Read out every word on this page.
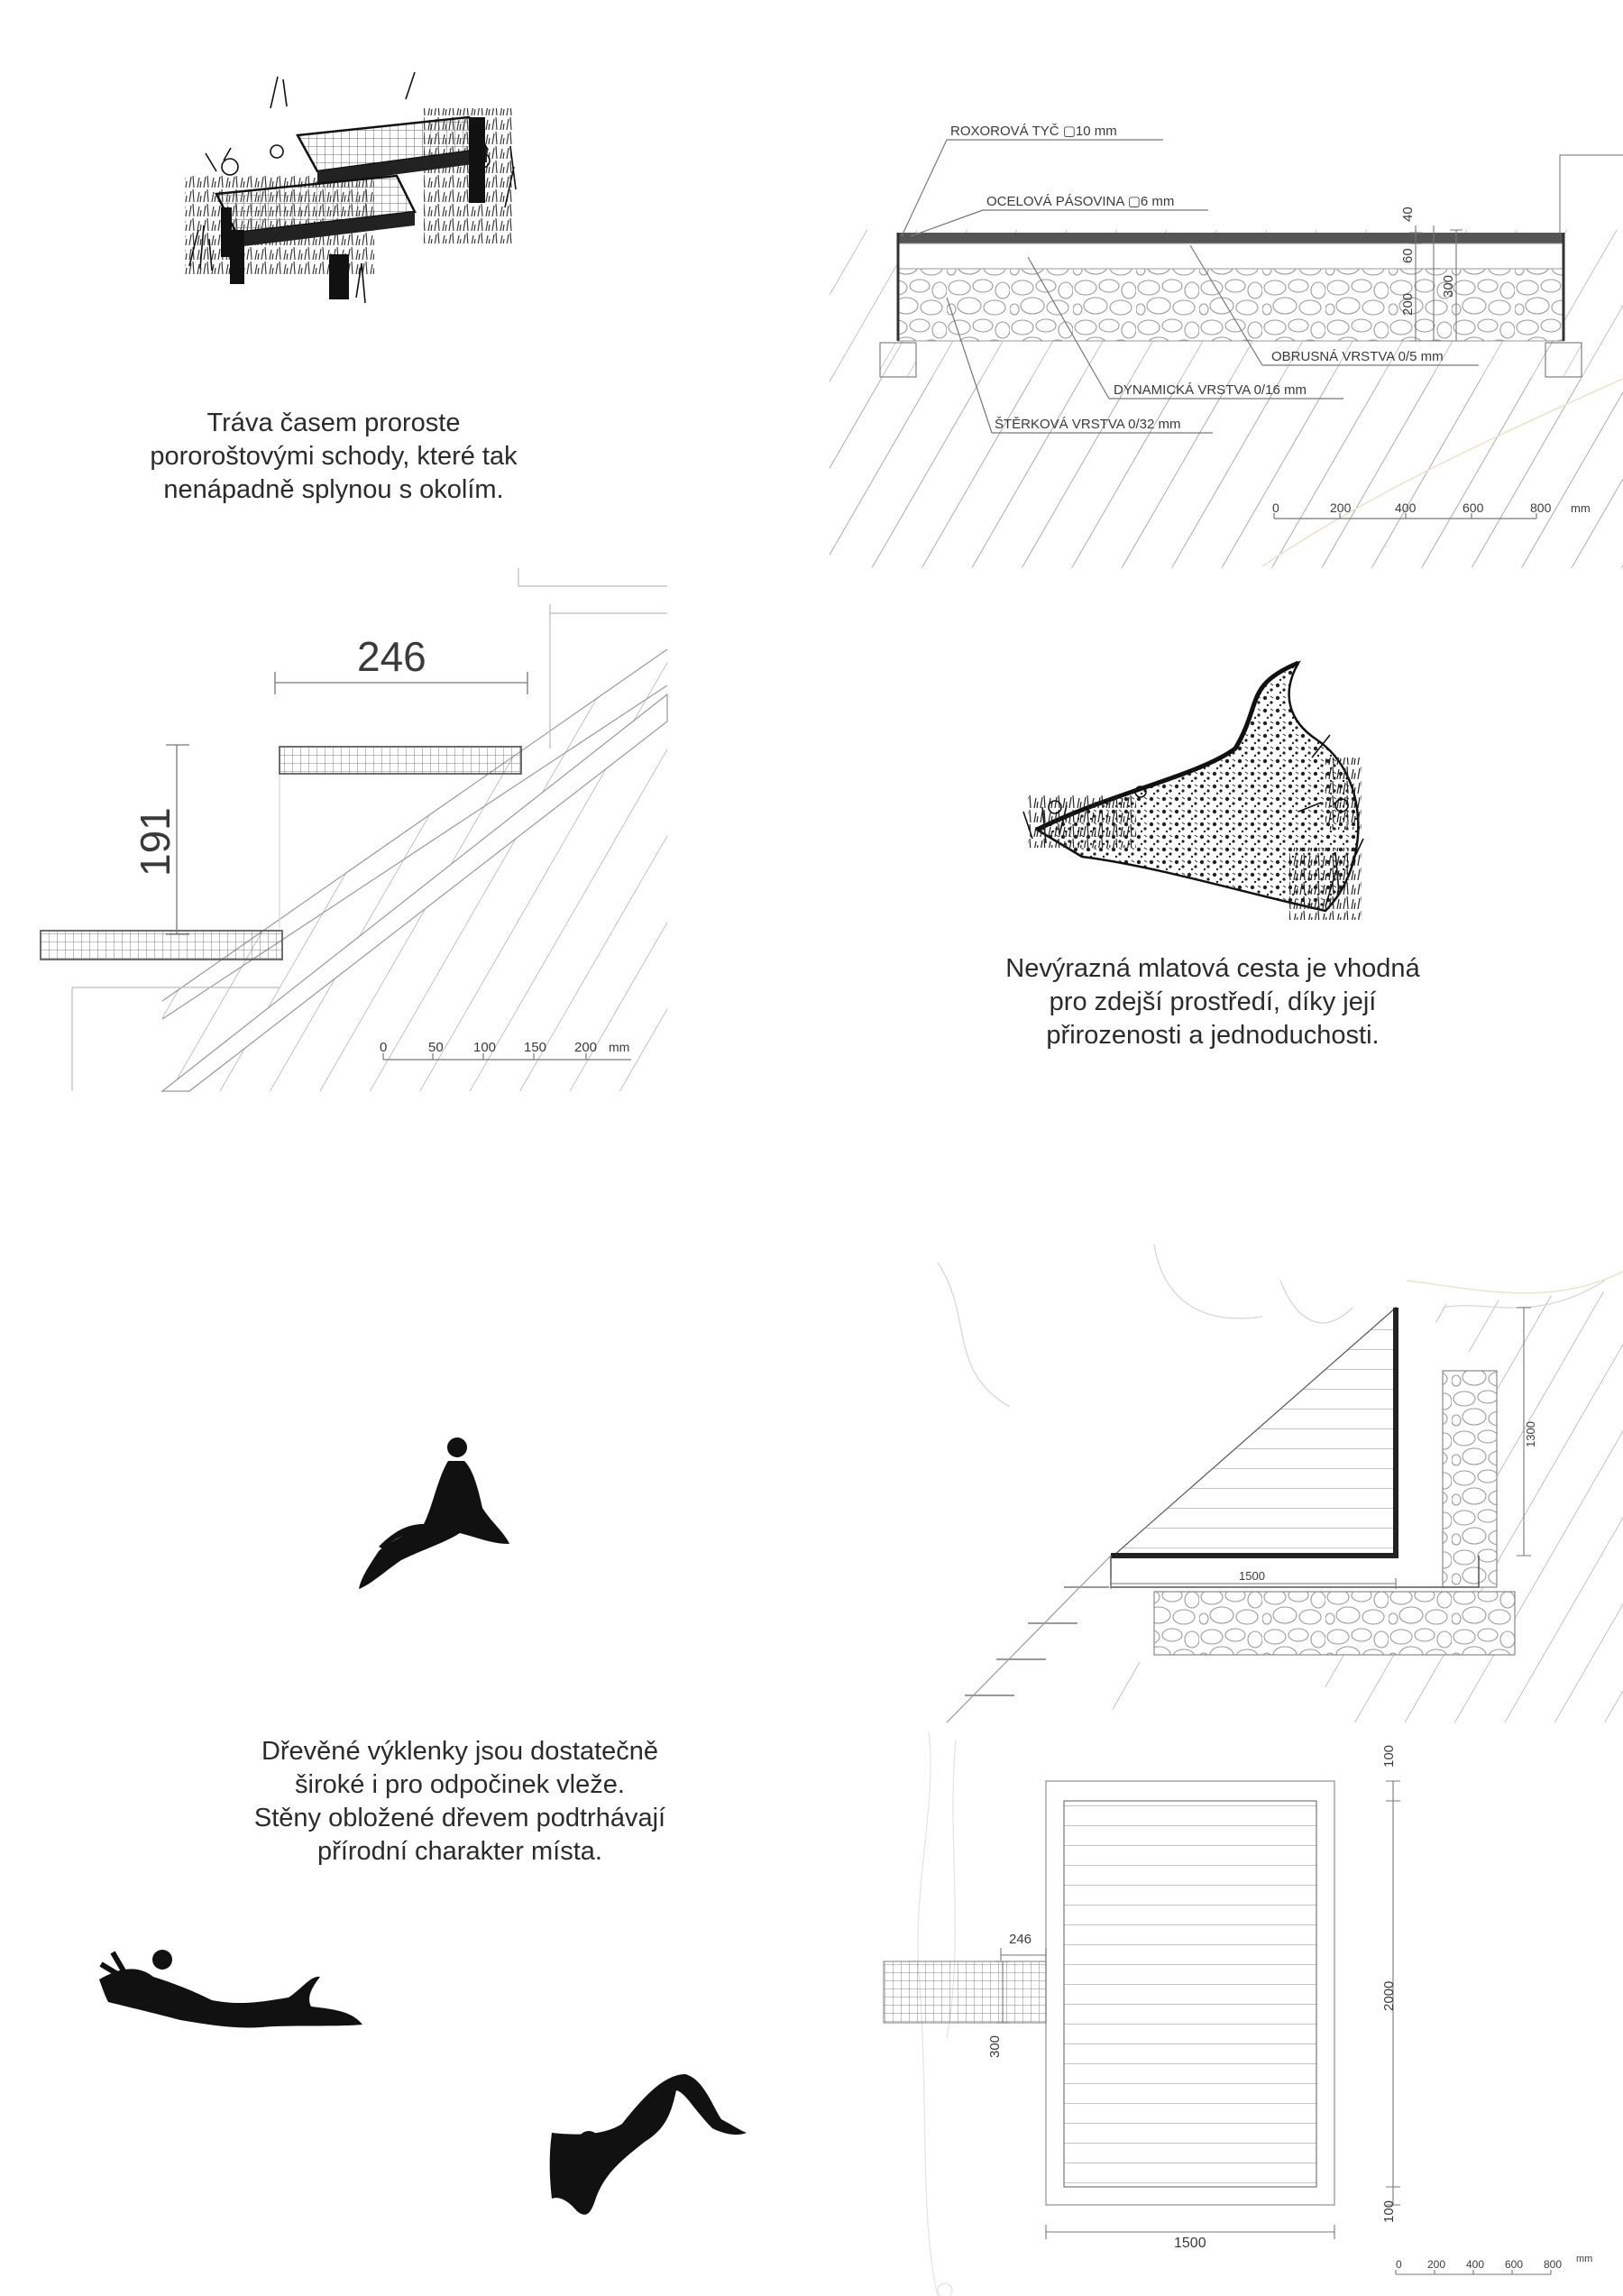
Tráva časem proroste
pororoštovými schody, které tak
nenápadně splynou s okolím.
Nevýrazná mlatová cesta je vhodná
pro zdejší prostředí, díky její
přirozenosti a jednoduchosti.
Dřevěné výklenky jsou dostatečně
široké i pro odpočinek vleže.
Stěny obložené dřevem podtrhávají
přírodní charakter místa.
ROXOROVÁ TYČ ▢10 mm
OCELOVÁ PÁSOVINA ▢6 mm
OBRUSNÁ VRSTVA 0/5 mm
DYNAMICKÁ VRSTVA 0/16 mm
ŠTĚRKOVÁ VRSTVA 0/32 mm
40
60
200
300
0	200	400	600	800 mm
246
191
0	50 100 150 200 mm
1500
1300
246
300
100
2000
100
1500
0 200 400 600 800 mm
